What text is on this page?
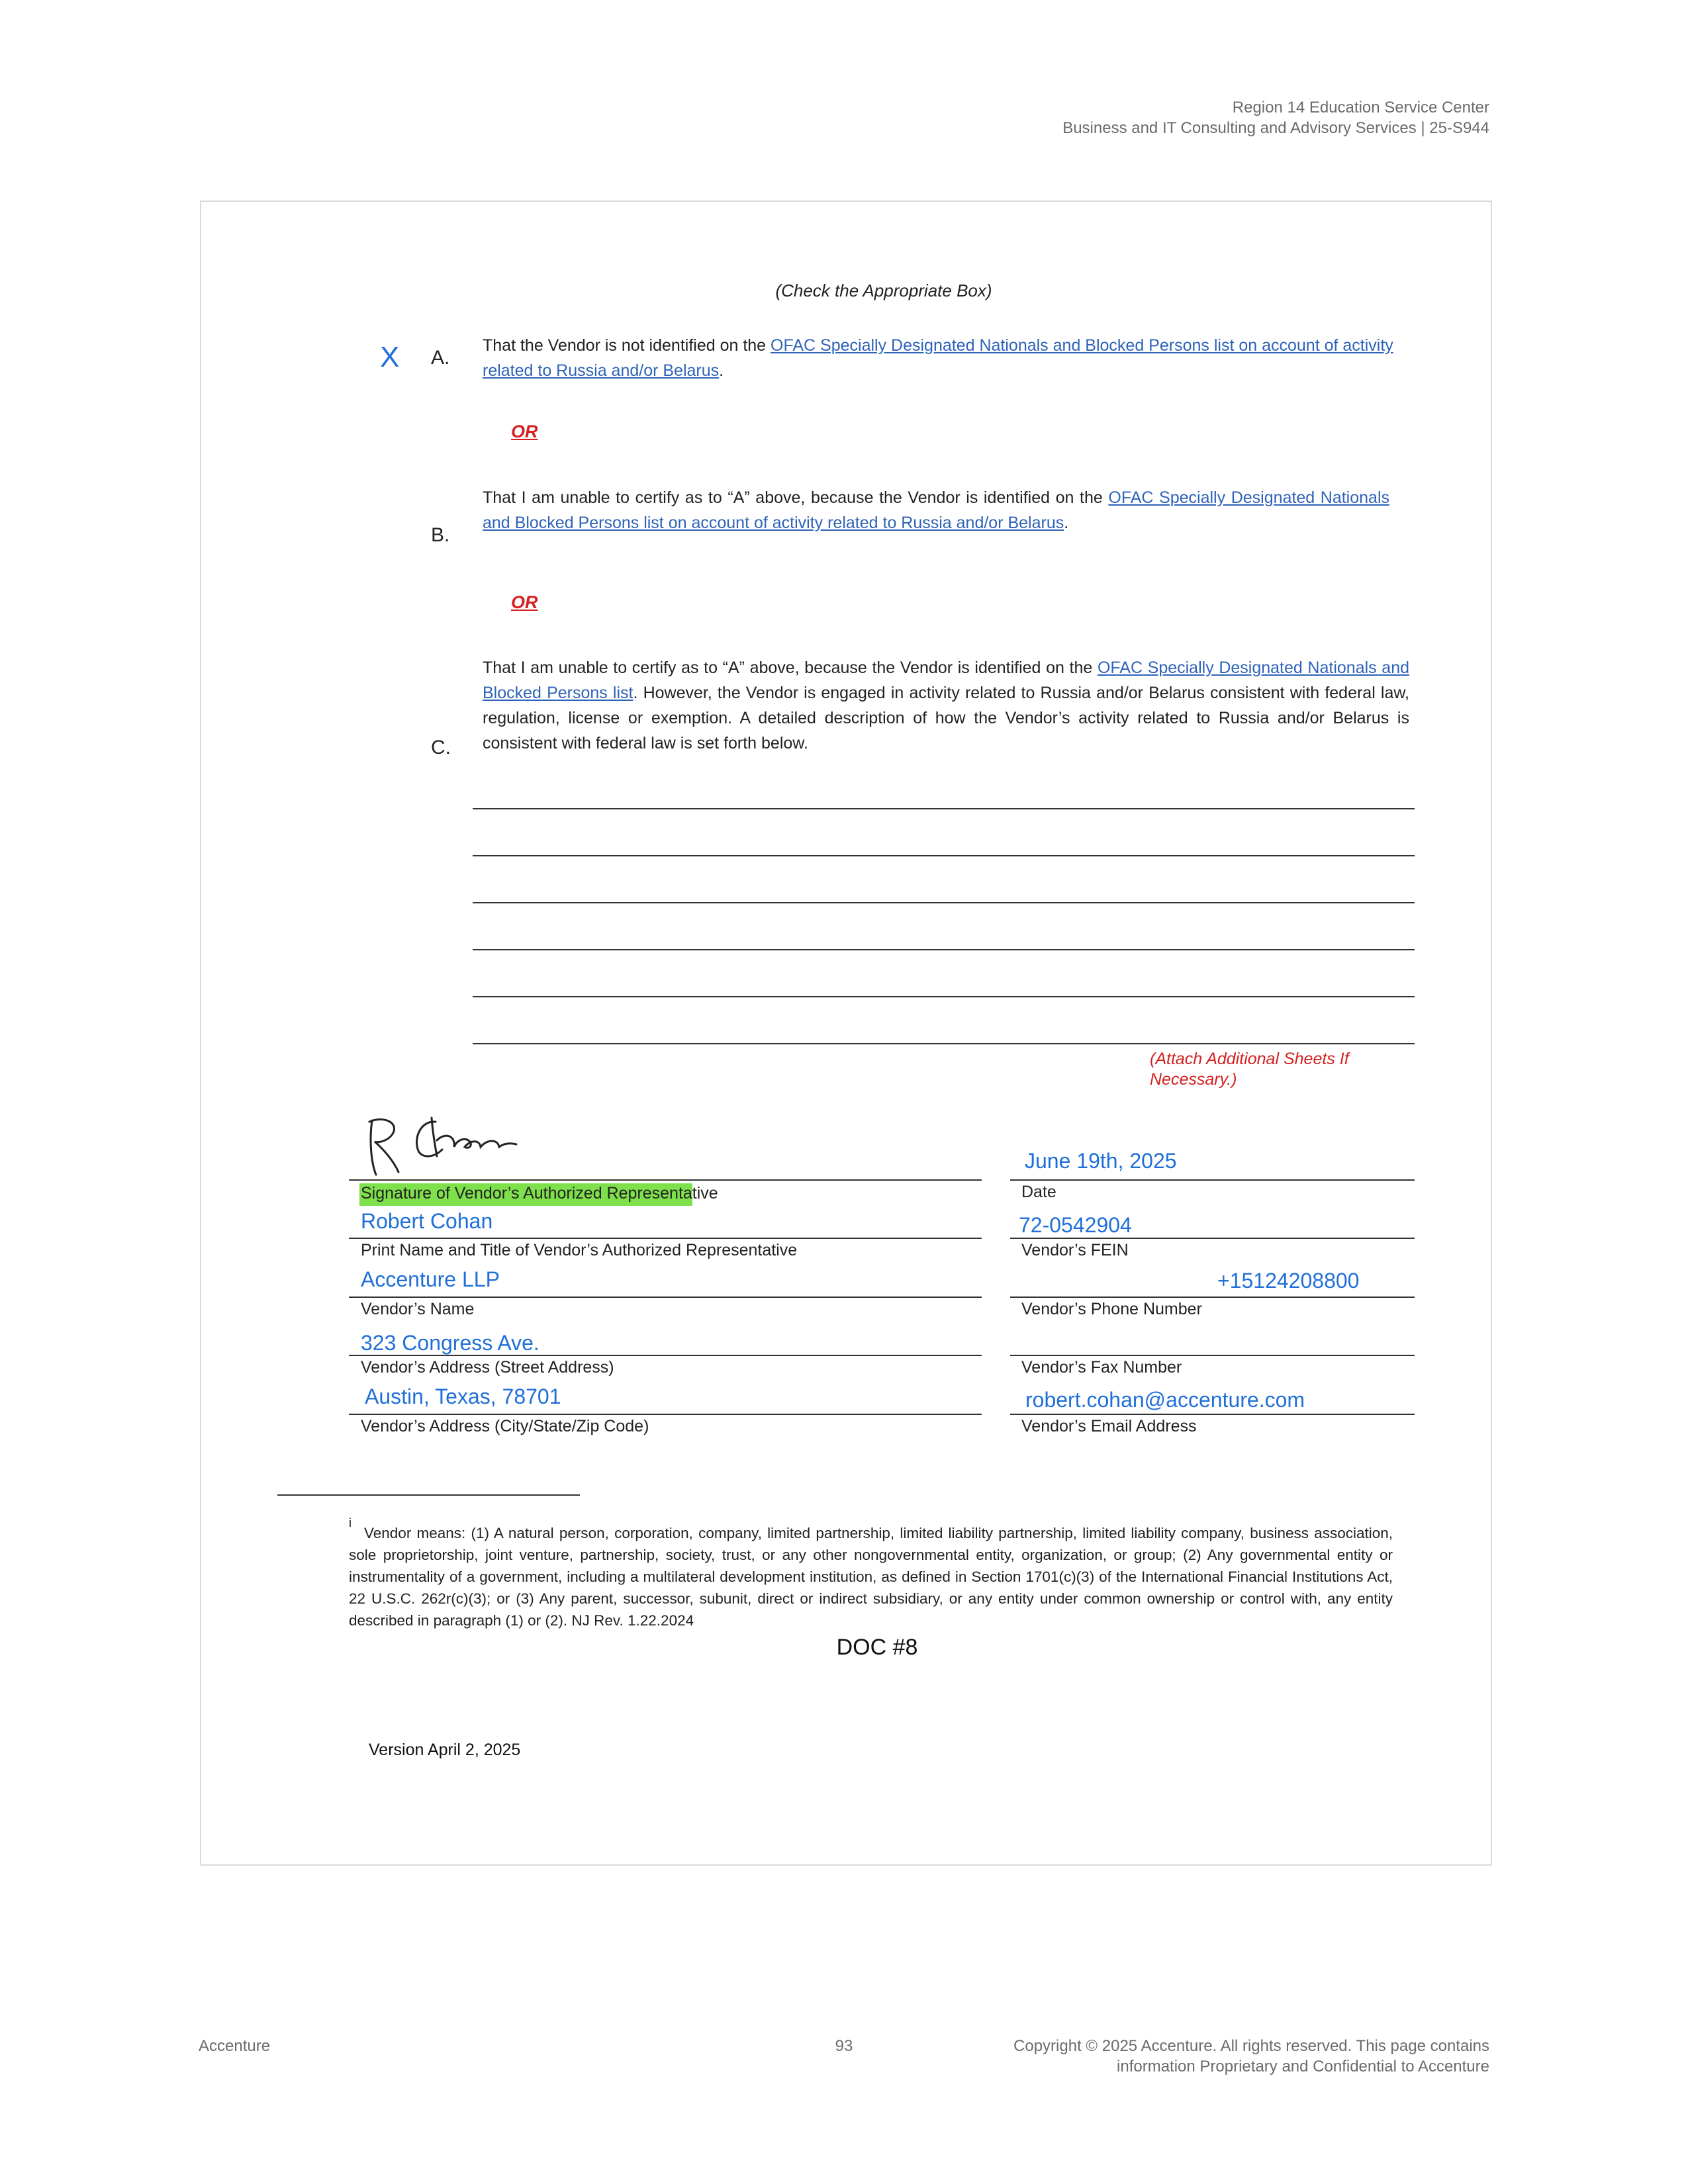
Region 14 Education Service Center
Business and IT Consulting and Advisory Services | 25-S944
(Check the Appropriate Box)
X A.
That the Vendor is not identified on the OFAC Specially Designated Nationals and Blocked Persons list on account of activity related to Russia and/or Belarus.
OR
That I am unable to certify as to “A” above, because the Vendor is identified on the OFAC Specially Designated Nationals and Blocked Persons list on account of activity related to Russia and/or Belarus.
B.
OR
That I am unable to certify as to “A” above, because the Vendor is identified on the OFAC Specially Designated Nationals and Blocked Persons list. However, the Vendor is engaged in activity related to Russia and/or Belarus consistent with federal law, regulation, license or exemption. A detailed description of how the Vendor’s activity related to Russia and/or Belarus is consistent with federal law is set forth below.
C.
(Attach Additional Sheets If
Necessary.)
Signature of Vendor’s Authorized Representative
Robert Cohan
Print Name and Title of Vendor’s Authorized Representative
Accenture LLP
Vendor’s Name
323 Congress Ave.
Vendor’s Address (Street Address)
Austin, Texas, 78701
Vendor’s Address (City/State/Zip Code)
June 19th, 2025
Date
72-0542904
Vendor’s FEIN
+15124208800
Vendor’s Phone Number
Vendor’s Fax Number
robert.cohan@accenture.com
Vendor’s Email Address
i
Vendor means: (1) A natural person, corporation, company, limited partnership, limited liability partnership, limited liability company, business association, sole proprietorship, joint venture, partnership, society, trust, or any other nongovernmental entity, organization, or group; (2) Any governmental entity or instrumentality of a government, including a multilateral development institution, as defined in Section 1701(c)(3) of the International Financial Institutions Act, 22 U.S.C. 262r(c)(3); or (3) Any parent, successor, subunit, direct or indirect subsidiary, or any entity under common ownership or control with, any entity described in paragraph (1) or (2). NJ Rev. 1.22.2024
DOC #8
Version April 2, 2025
Accenture	93	Copyright © 2025 Accenture. All rights reserved. This page contains
information Proprietary and Confidential to Accenture
